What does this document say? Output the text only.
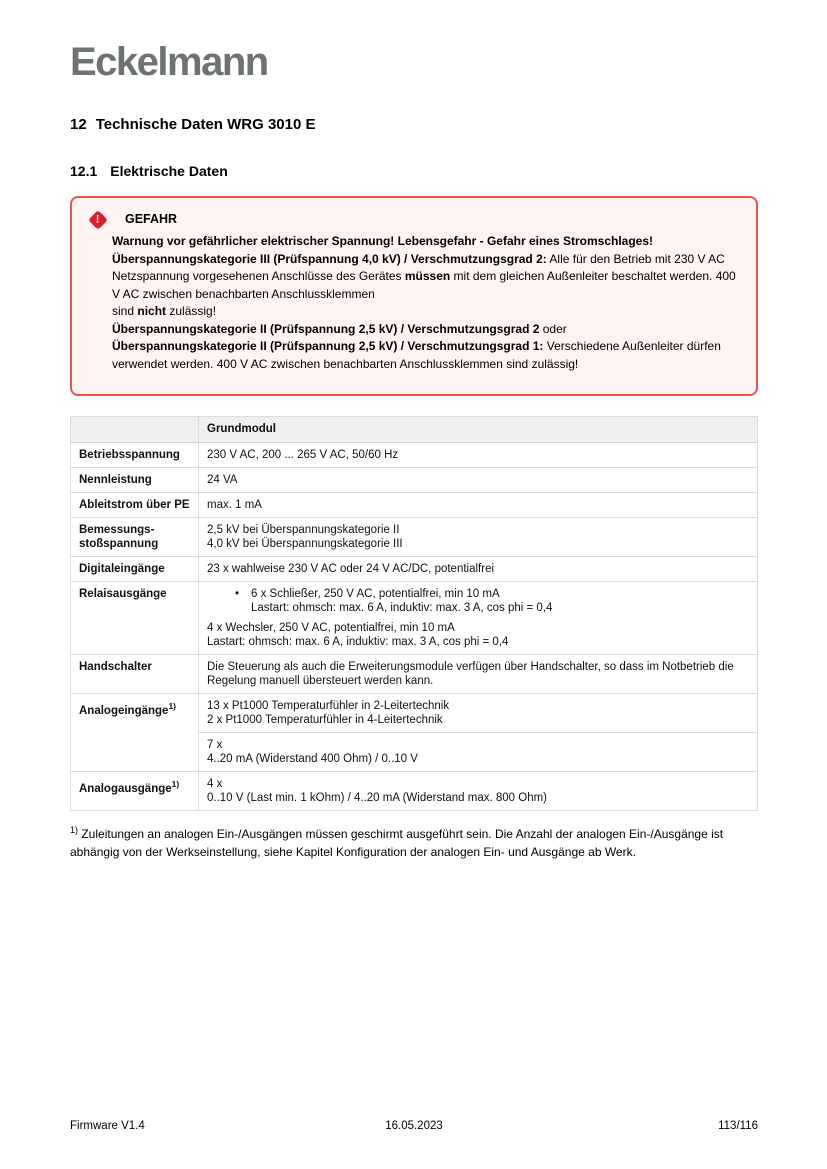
Eckelmann
12 Technische Daten WRG 3010 E
12.1 Elektrische Daten
! GEFAHR
Warnung vor gefährlicher elektrischer Spannung! Lebensgefahr - Gefahr eines Stromschlages!
Überspannungskategorie III (Prüfspannung 4,0 kV) / Verschmutzungsgrad 2: Alle für den Betrieb mit 230 V AC Netzspannung vorgesehenen Anschlüsse des Gerätes müssen mit dem gleichen Außenleiter beschaltet werden. 400 V AC zwischen benachbarten Anschlussklemmen
sind nicht zulässig!
Überspannungskategorie II (Prüfspannung 2,5 kV) / Verschmutzungsgrad 2 oder
Überspannungskategorie II (Prüfspannung 2,5 kV) / Verschmutzungsgrad 1: Verschiedene Außenleiter dürfen verwendet werden. 400 V AC zwischen benachbarten Anschlussklemmen sind zulässig!
	Grundmodul
Betriebsspannung	230 V AC, 200 ... 265 V AC, 50/60 Hz
Nennleistung	24 VA
Ableitstrom über PE	max. 1 mA
Bemessungs-
stoßspannung	2,5 kV bei Überspannungskategorie II
4,0 kV bei Überspannungskategorie III
Digitaleingänge	23 x wahlweise 230 V AC oder 24 V AC/DC, potentialfrei
Relaisausgänge	• 6 x Schließer, 250 V AC, potentialfrei, min 10 mA
Lastart: ohmsch: max. 6 A, induktiv: max. 3 A, cos phi = 0,4
4 x Wechsler, 250 V AC, potentialfrei, min 10 mA
Lastart: ohmsch: max. 6 A, induktiv: max. 3 A, cos phi = 0,4

Handschalter	Die Steuerung als auch die Erweiterungsmodule verfügen über Handschalter, so dass im Notbetrieb die Regelung manuell übersteuert werden kann.
Analogeingänge$^{1)}$	13 x Pt1000 Temperaturfühler in 2-Leitertechnik
2 x Pt1000 Temperaturfühler in 4-Leitertechnik
	7 x
4..20 mA (Widerstand 400 Ohm) / 0..10 V
Analogausgänge$^{1)}$	4 x
0..10 V (Last min. 1 kOhm) / 4..20 mA (Widerstand max. 800 Ohm)

$^{1)}$ Zuleitungen an analogen Ein-/Ausgängen müssen geschirmt ausgeführt sein. Die Anzahl der analogen Ein-/Ausgänge ist abhängig von der Werkseinstellung, siehe Kapitel Konfiguration der analogen Ein- und Ausgänge ab Werk.

Firmware V1.4	16.05.2023	113/116
